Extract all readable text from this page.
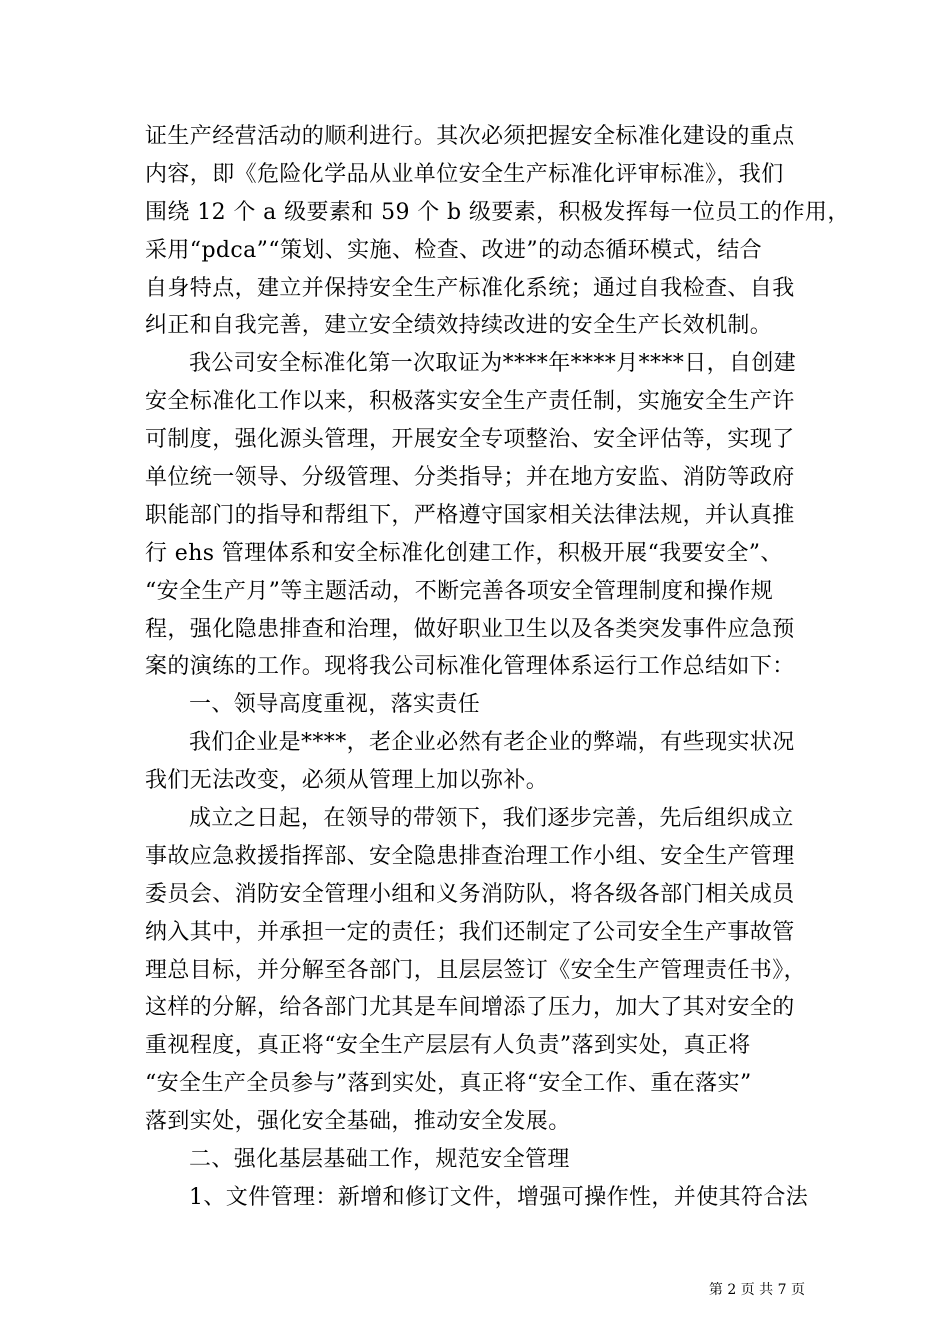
证生产经营活动的顺利进行。其次必须把握安全标准化建设的重点
内容，即《危险化学品从业单位安全生产标准化评审标准》，我们
围绕 12 个 a 级要素和 59 个 b 级要素，积极发挥每一位员工的作用，
采用“pdca”“策划、实施、检查、改进”的动态循环模式，结合
自身特点，建立并保持安全生产标准化系统；通过自我检查、自我
纠正和自我完善，建立安全绩效持续改进的安全生产长效机制。
我公司安全标准化第一次取证为****年****月****日，自创建
安全标准化工作以来，积极落实安全生产责任制，实施安全生产许
可制度，强化源头管理，开展安全专项整治、安全评估等，实现了
单位统一领导、分级管理、分类指导；并在地方安监、消防等政府
职能部门的指导和帮组下，严格遵守国家相关法律法规，并认真推
行 ehs 管理体系和安全标准化创建工作，积极开展“我要安全”、
“安全生产月”等主题活动，不断完善各项安全管理制度和操作规
程，强化隐患排查和治理，做好职业卫生以及各类突发事件应急预
案的演练的工作。现将我公司标准化管理体系运行工作总结如下：
一、领导高度重视，落实责任
我们企业是****，老企业必然有老企业的弊端，有些现实状况
我们无法改变，必须从管理上加以弥补。
成立之日起，在领导的带领下，我们逐步完善，先后组织成立
事故应急救援指挥部、安全隐患排查治理工作小组、安全生产管理
委员会、消防安全管理小组和义务消防队，将各级各部门相关成员
纳入其中，并承担一定的责任；我们还制定了公司安全生产事故管
理总目标，并分解至各部门，且层层签订《安全生产管理责任书》，
这样的分解，给各部门尤其是车间增添了压力，加大了其对安全的
重视程度，真正将“安全生产层层有人负责”落到实处，真正将
“安全生产全员参与”落到实处，真正将“安全工作、重在落实”
落到实处，强化安全基础，推动安全发展。
二、强化基层基础工作，规范安全管理
1、文件管理：新增和修订文件，增强可操作性，并使其符合法
第 2 页 共 7 页
